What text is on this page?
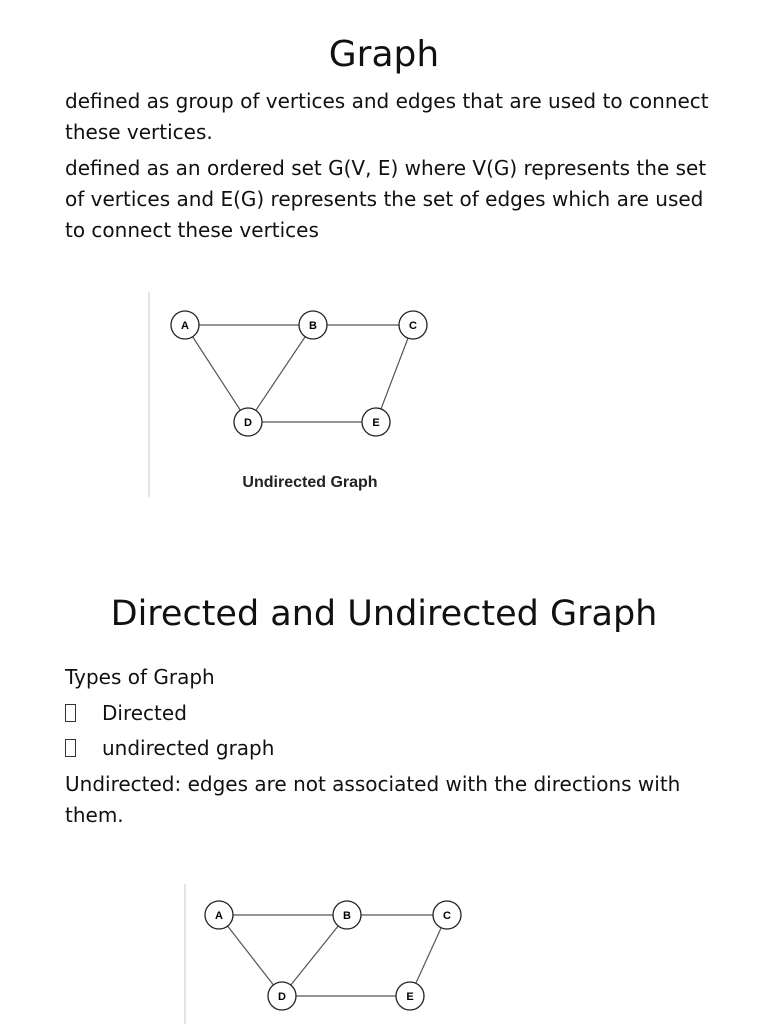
Graph

defined as group of vertices and edges that are used to connect these vertices.

defined as an ordered set G(V, E) where V(G) represents the set of vertices and E(G) represents the set of edges which are used to connect these vertices

A	B	C
D	E
Undirected Graph
Directed and Undirected Graph

Types of Graph

Directed
undirected graph

Undirected: edges are not associated with the directions with them.

A	B	C
D	E
